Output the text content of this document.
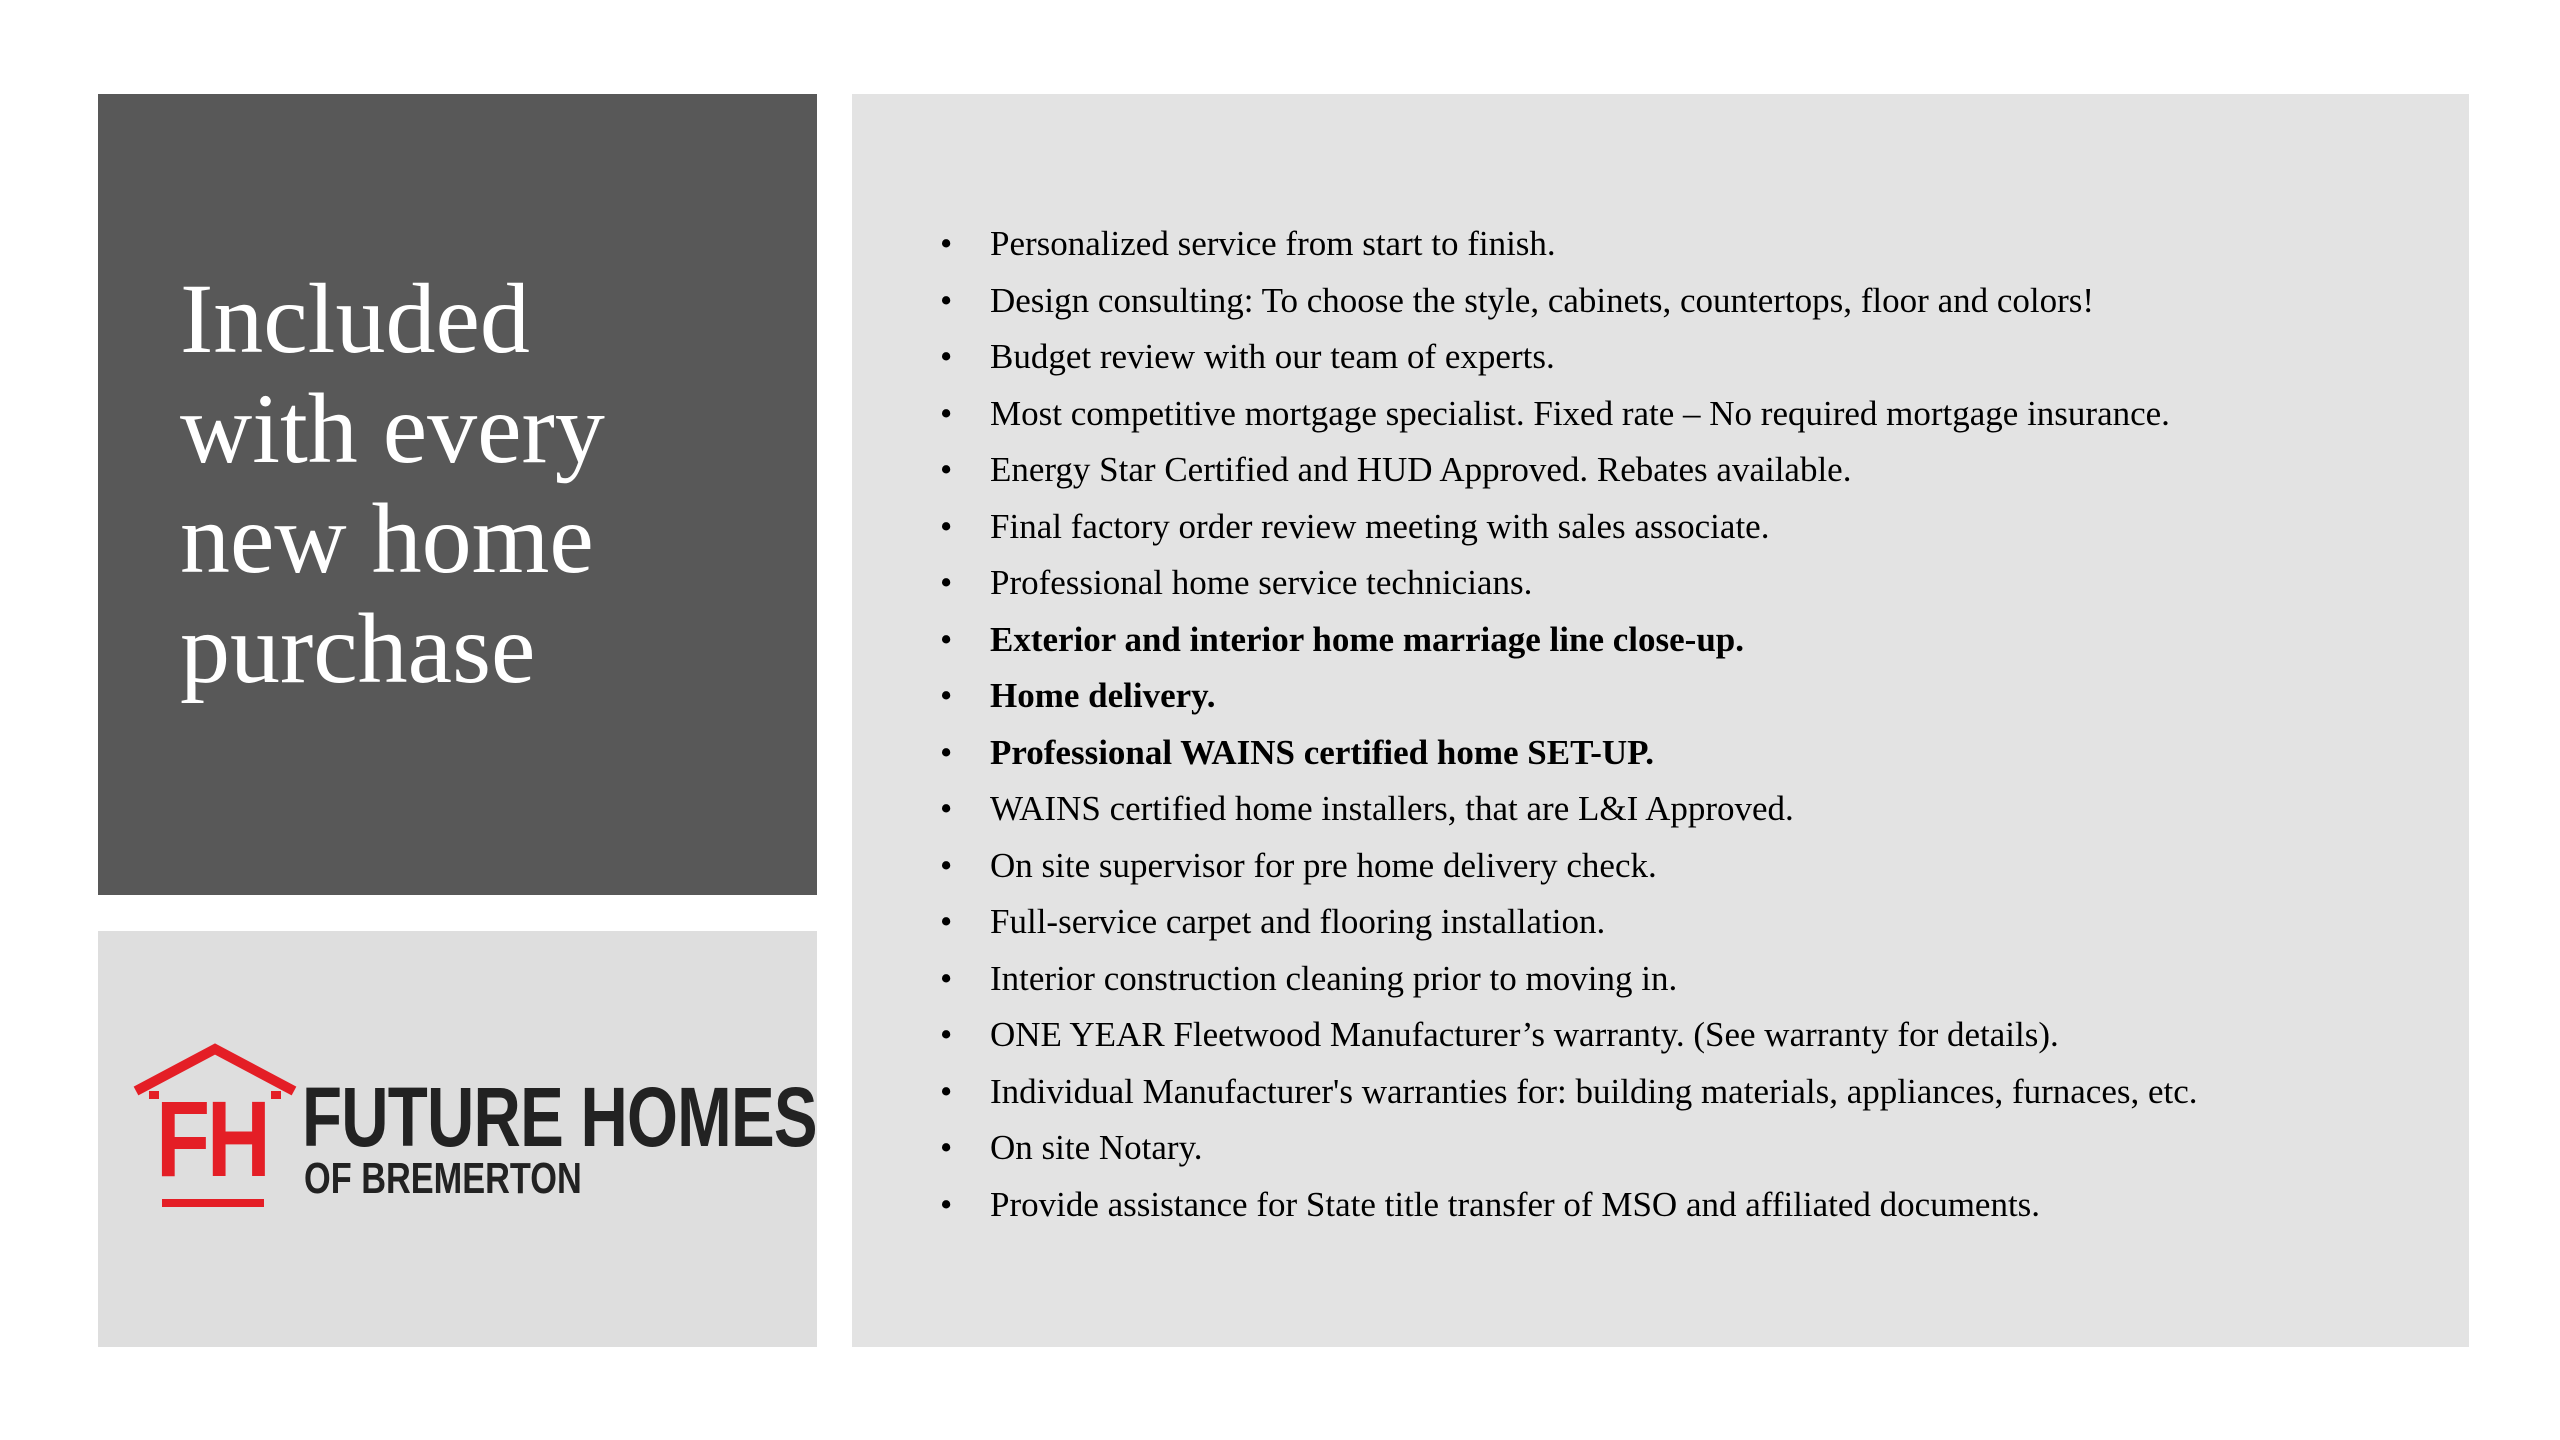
Included
with every
new home
purchase
FH FUTURE HOMES
OF BREMERTON
• Personalized service from start to finish.
• Design consulting: To choose the style, cabinets, countertops, floor and colors!
• Budget review with our team of experts.
• Most competitive mortgage specialist. Fixed rate – No required mortgage insurance.
• Energy Star Certified and HUD Approved. Rebates available.
• Final factory order review meeting with sales associate.
• Professional home service technicians.
• Exterior and interior home marriage line close-up.
• Home delivery.
• Professional WAINS certified home SET-UP.
• WAINS certified home installers, that are L&I Approved.
• On site supervisor for pre home delivery check.
• Full-service carpet and flooring installation.
• Interior construction cleaning prior to moving in.
• ONE YEAR Fleetwood Manufacturer’s warranty. (See warranty for details).
• Individual Manufacturer's warranties for: building materials, appliances, furnaces, etc.
• On site Notary.
• Provide assistance for State title transfer of MSO and affiliated documents.
